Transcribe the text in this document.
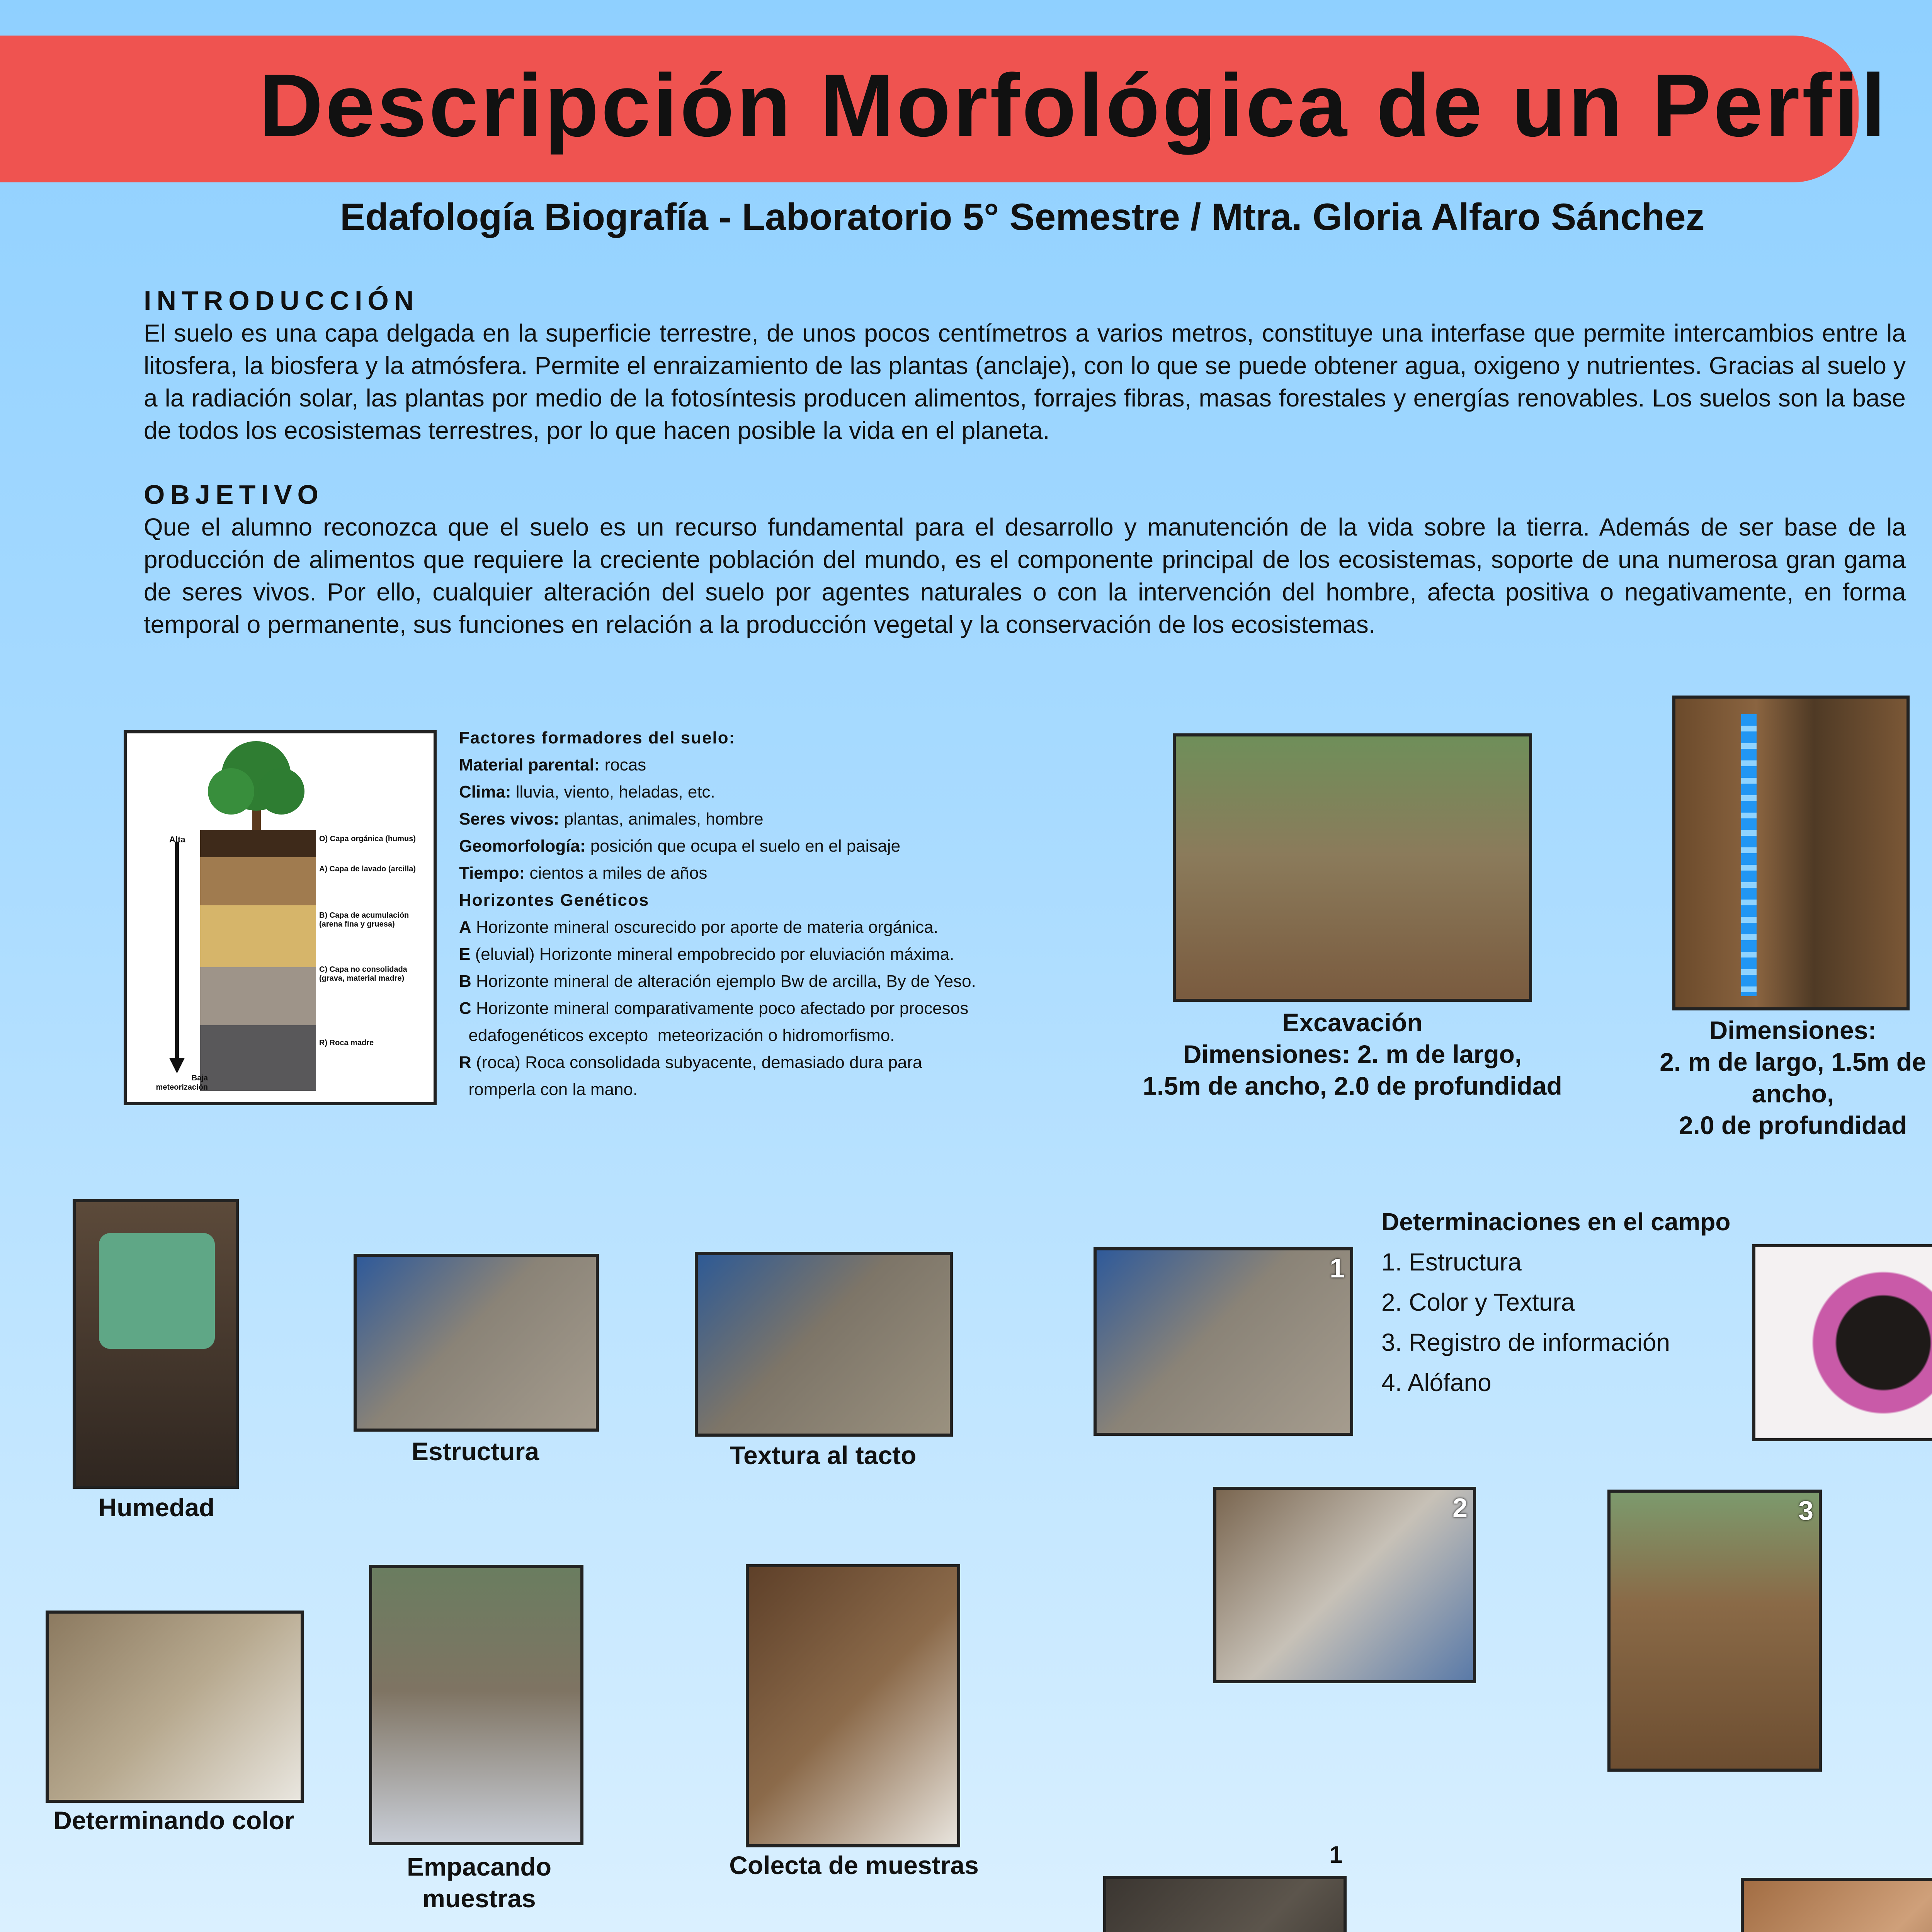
Descripción Morfológica de un Perfil
Edafología Biografía - Laboratorio 5° Semestre / Mtra. Gloria Alfaro Sánchez
INTRODUCCIÓN
El suelo es una capa delgada en la superficie terrestre, de unos pocos centímetros a varios metros, constituye una interfase que permite intercambios entre la litosfera, la biosfera y la atmósfera. Permite el enraizamiento de las plantas (anclaje), con lo que se puede obtener agua, oxigeno y nutrientes. Gracias al suelo y a la radiación solar, las plantas por medio de la fotosíntesis producen alimentos, forrajes fibras, masas forestales y energías renovables. Los suelos son la base de todos los ecosistemas terrestres, por lo que hacen posible la vida en el planeta.
OBJETIVO
Que el alumno reconozca que el suelo es un recurso fundamental para el desarrollo y manutención de la vida sobre la tierra. Además de ser base de la producción de alimentos que requiere la creciente población del mundo, es el componente principal de los ecosistemas, soporte de una numerosa gran gama de seres vivos. Por ello, cualquier alteración del suelo por agentes naturales o con la intervención del hombre, afecta positiva o negativamente, en forma temporal o permanente, sus funciones en relación a la producción vegetal y la conservación de los ecosistemas.
Alta
Baja
meteorización
O) Capa orgánica (humus)
A) Capa de lavado (arcilla)
B) Capa de acumulación (arena fina y gruesa)
C) Capa no consolidada (grava, material madre)
R) Roca madre
Factores formadores del suelo:
Material parental: rocas
Clima: lluvia, viento, heladas, etc.
Seres vivos: plantas, animales, hombre
Geomorfología: posición que ocupa el suelo en el paisaje
Tiempo: cientos a miles de años
Horizontes Genéticos
A Horizonte mineral oscurecido por aporte de materia orgánica.
E (eluvial) Horizonte mineral empobrecido por eluviación máxima.
B Horizonte mineral de alteración ejemplo Bw de arcilla, By de Yeso.
C Horizonte mineral comparativamente poco afectado por procesos
edafogenéticos excepto  meteorización o hidromorfismo.
R (roca) Roca consolidada subyacente, demasiado dura para
romperla con la mano.
Excavación
Dimensiones: 2. m de largo,
1.5m de ancho, 2.0 de profundidad
Dimensiones:
2. m de largo, 1.5m de ancho,
2.0 de profundidad
Humedad
Estructura	Textura al tacto
1
Determinaciones en el campo
1. Estructura
2. Color y Textura
3. Registro de información
4. Alófano
2	3
Determinando color
Empacando muestras
Colecta de muestras	1
